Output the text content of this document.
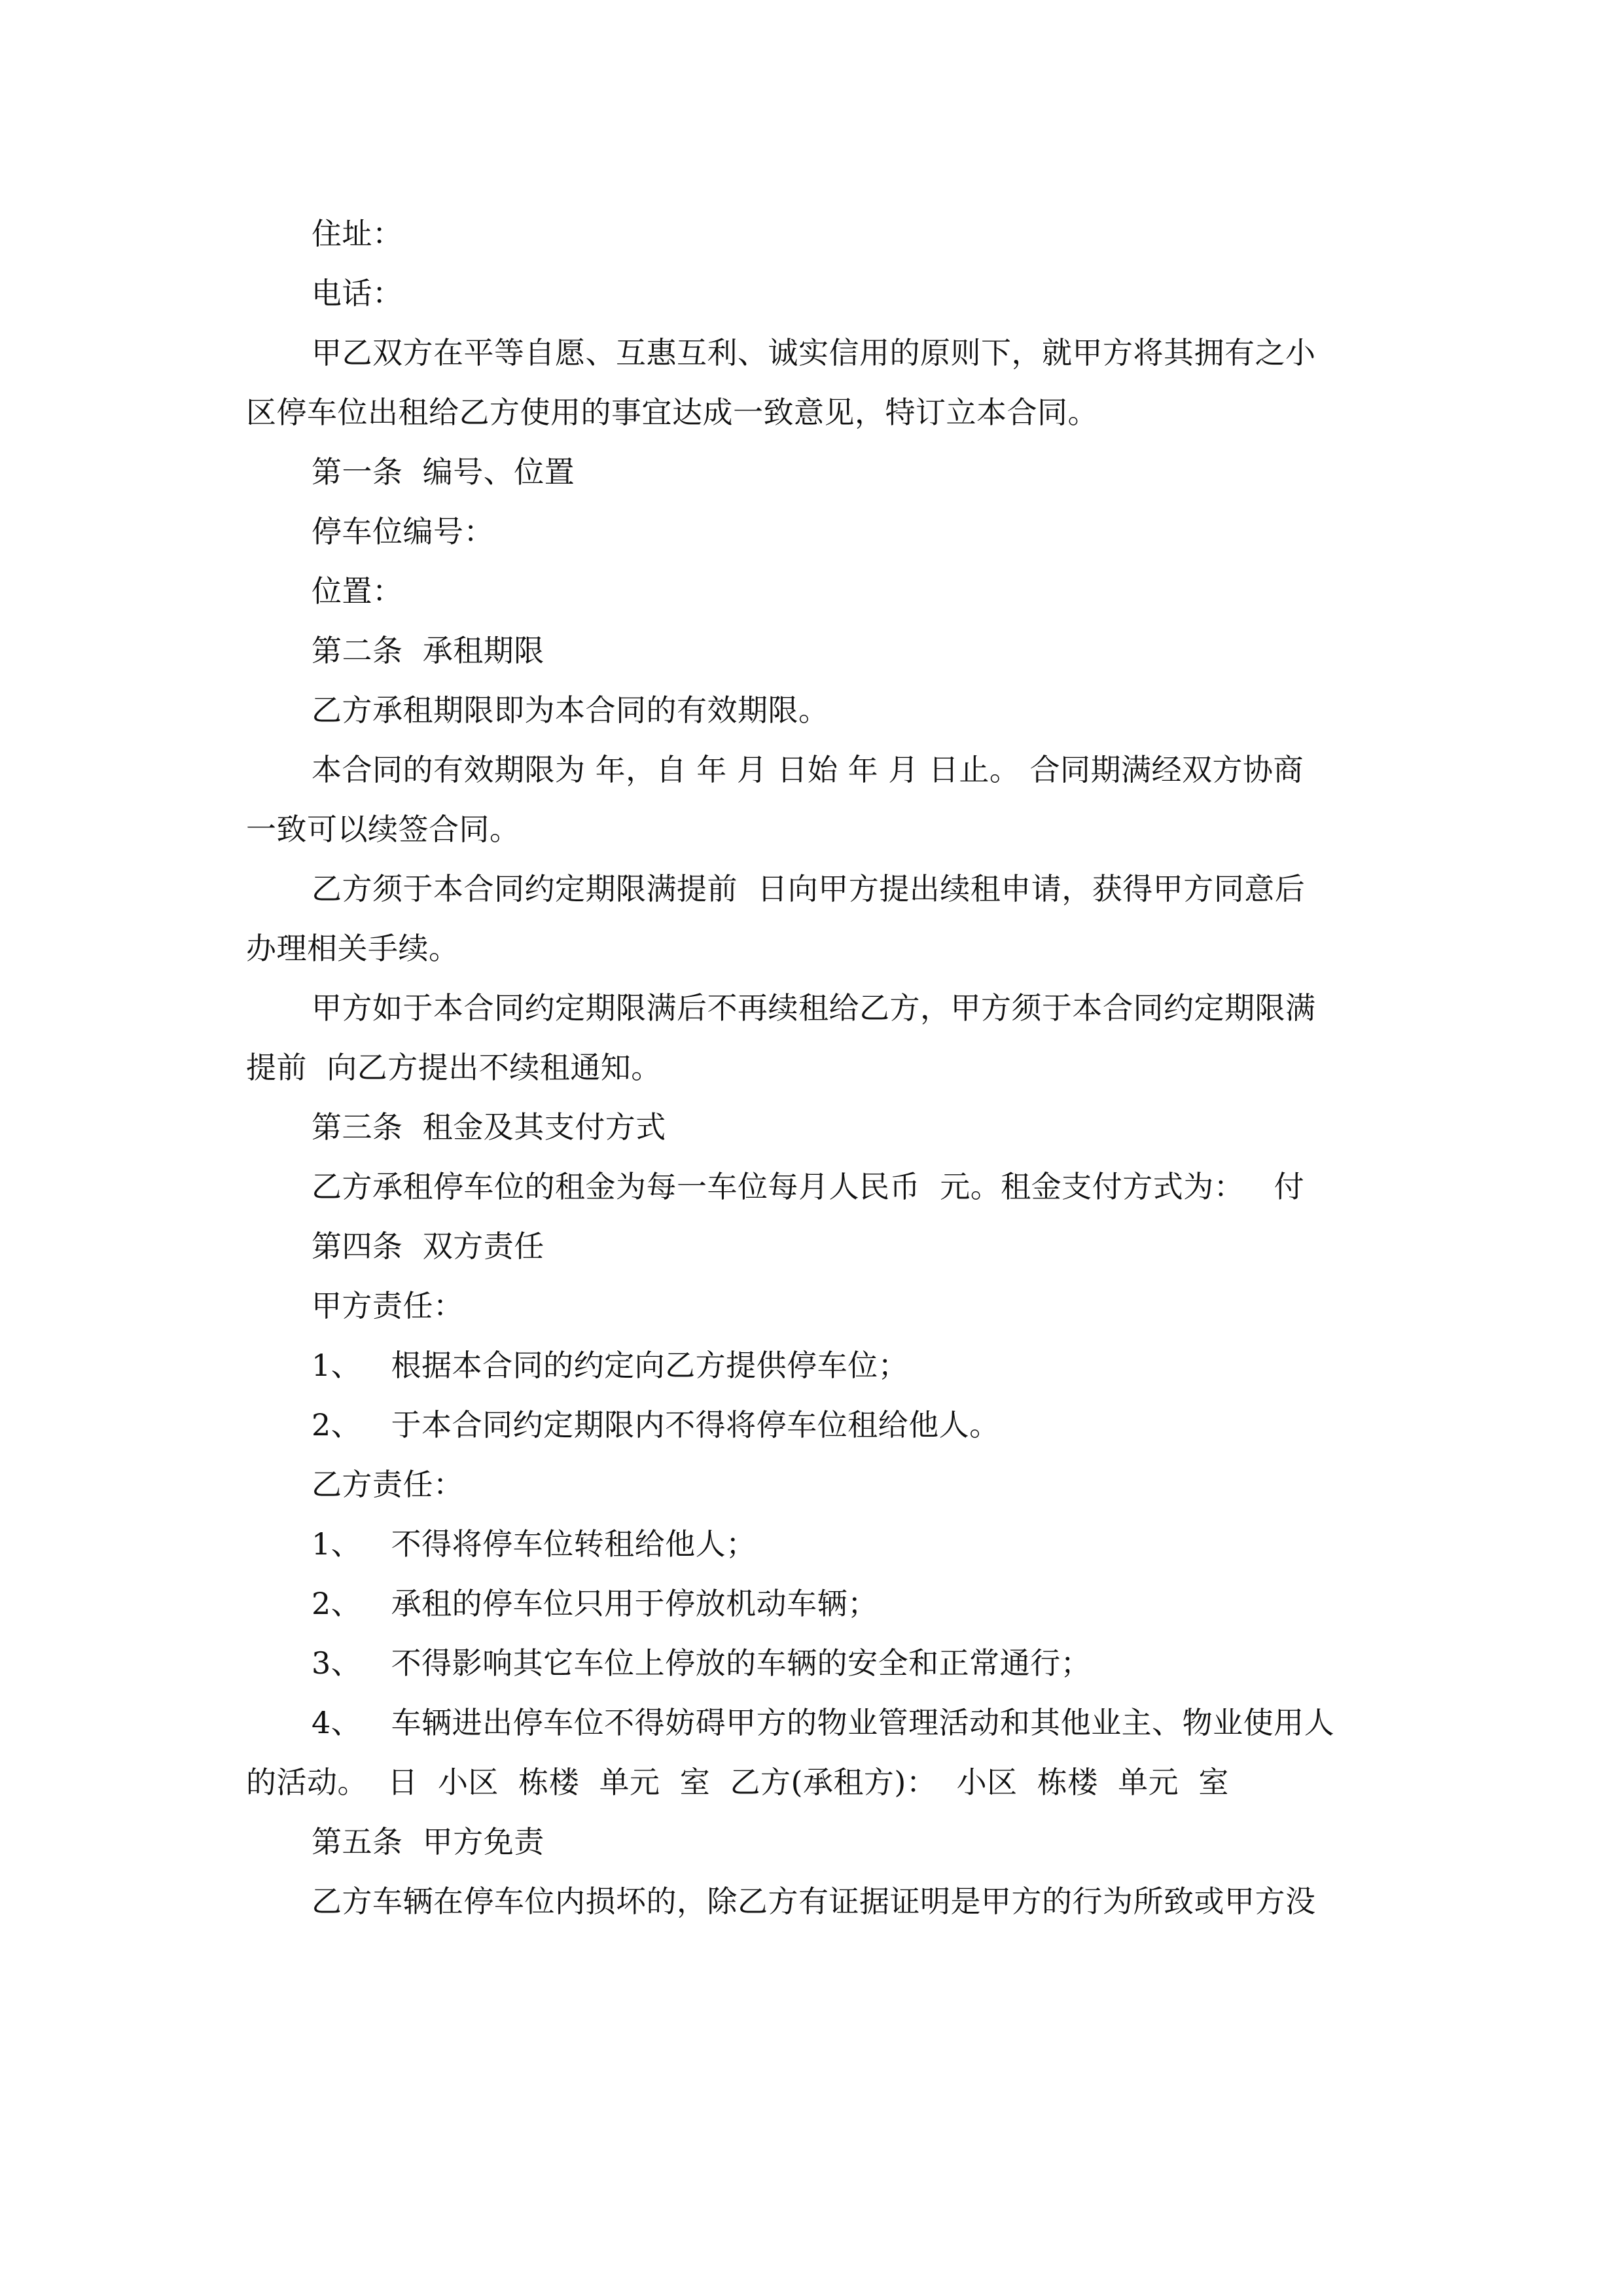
住址：
电话：
甲乙双方在平等自愿、互惠互利、诚实信用的原则下，就甲方将其拥有之小
区停车位出租给乙方使用的事宜达成一致意见，特订立本合同。
第一条  编号、位置
停车位编号：
位置：
第二条  承租期限
乙方承租期限即为本合同的有效期限。
本合同的有效期限为 年，自 年 月 日始 年 月 日止。 合同期满经双方协商
一致可以续签合同。
乙方须于本合同约定期限满提前  日向甲方提出续租申请，获得甲方同意后
办理相关手续。
甲方如于本合同约定期限满后不再续租给乙方，甲方须于本合同约定期限满
提前  向乙方提出不续租通知。
第三条  租金及其支付方式
乙方承租停车位的租金为每一车位每月人民币  元。租金支付方式为：   付
第四条  双方责任
甲方责任：
1、   根据本合同的约定向乙方提供停车位；
2、   于本合同约定期限内不得将停车位租给他人。
乙方责任：
1、   不得将停车位转租给他人；
2、   承租的停车位只用于停放机动车辆；
3、   不得影响其它车位上停放的车辆的安全和正常通行；
4、   车辆进出停车位不得妨碍甲方的物业管理活动和其他业主、物业使用人
的活动。  日  小区  栋楼  单元  室  乙方(承租方)：  小区  栋楼  单元  室
第五条  甲方免责
乙方车辆在停车位内损坏的，除乙方有证据证明是甲方的行为所致或甲方没
